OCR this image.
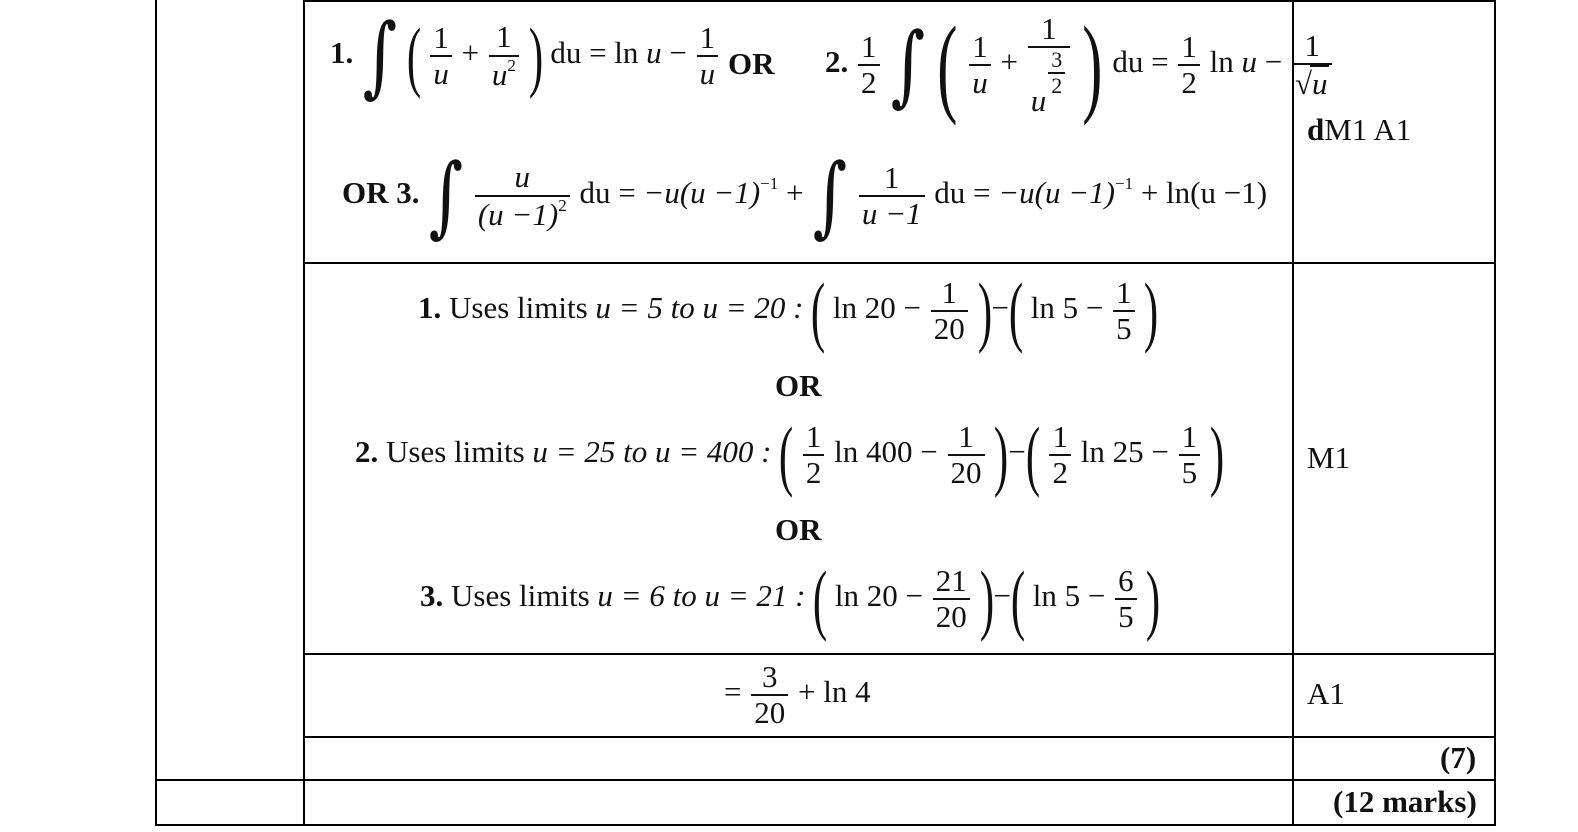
1. ∫ ( $\frac{1}{u} + \frac{1}{u^2}$ ) du = $\ln u - \frac{1}{u}$ OR 2. $\frac{1}{2}$ ∫ ( $\frac{1}{u} + 1$
u
$\frac{3}{2}$ ) du = $\frac{1}{2}$ $\ln u - \frac{1}{√u}$
OR 3. ∫ $\frac{u}{(u -1)^2}$ du = $-u(u -1)^{-1}$ + ∫ $\frac{1}{u -1}$ du = $-u(u -1)^{-1} + \ln(u -1)$
dM1 A1
1. Uses limits u = 5 to u = 20 : ( $\ln 20 - \frac{1}{20}$ )−( $\ln 5 - \frac{1}{5}$ )
OR
2. Uses limits u = 25 to u = 400 : ( $\frac{1}{2}$ $\ln 400 - \frac{1}{20}$ )−( $\frac{1}{2}$ $\ln 25 - \frac{1}{5}$ )
OR
3. Uses limits u = 6 to u = 21 : ( $\ln 20 - \frac{21}{20}$ )−( $\ln 5 - \frac{6}{5}$ )
M1
= $\frac{3}{20} + \ln 4$	A1
(7)
(12 marks)
